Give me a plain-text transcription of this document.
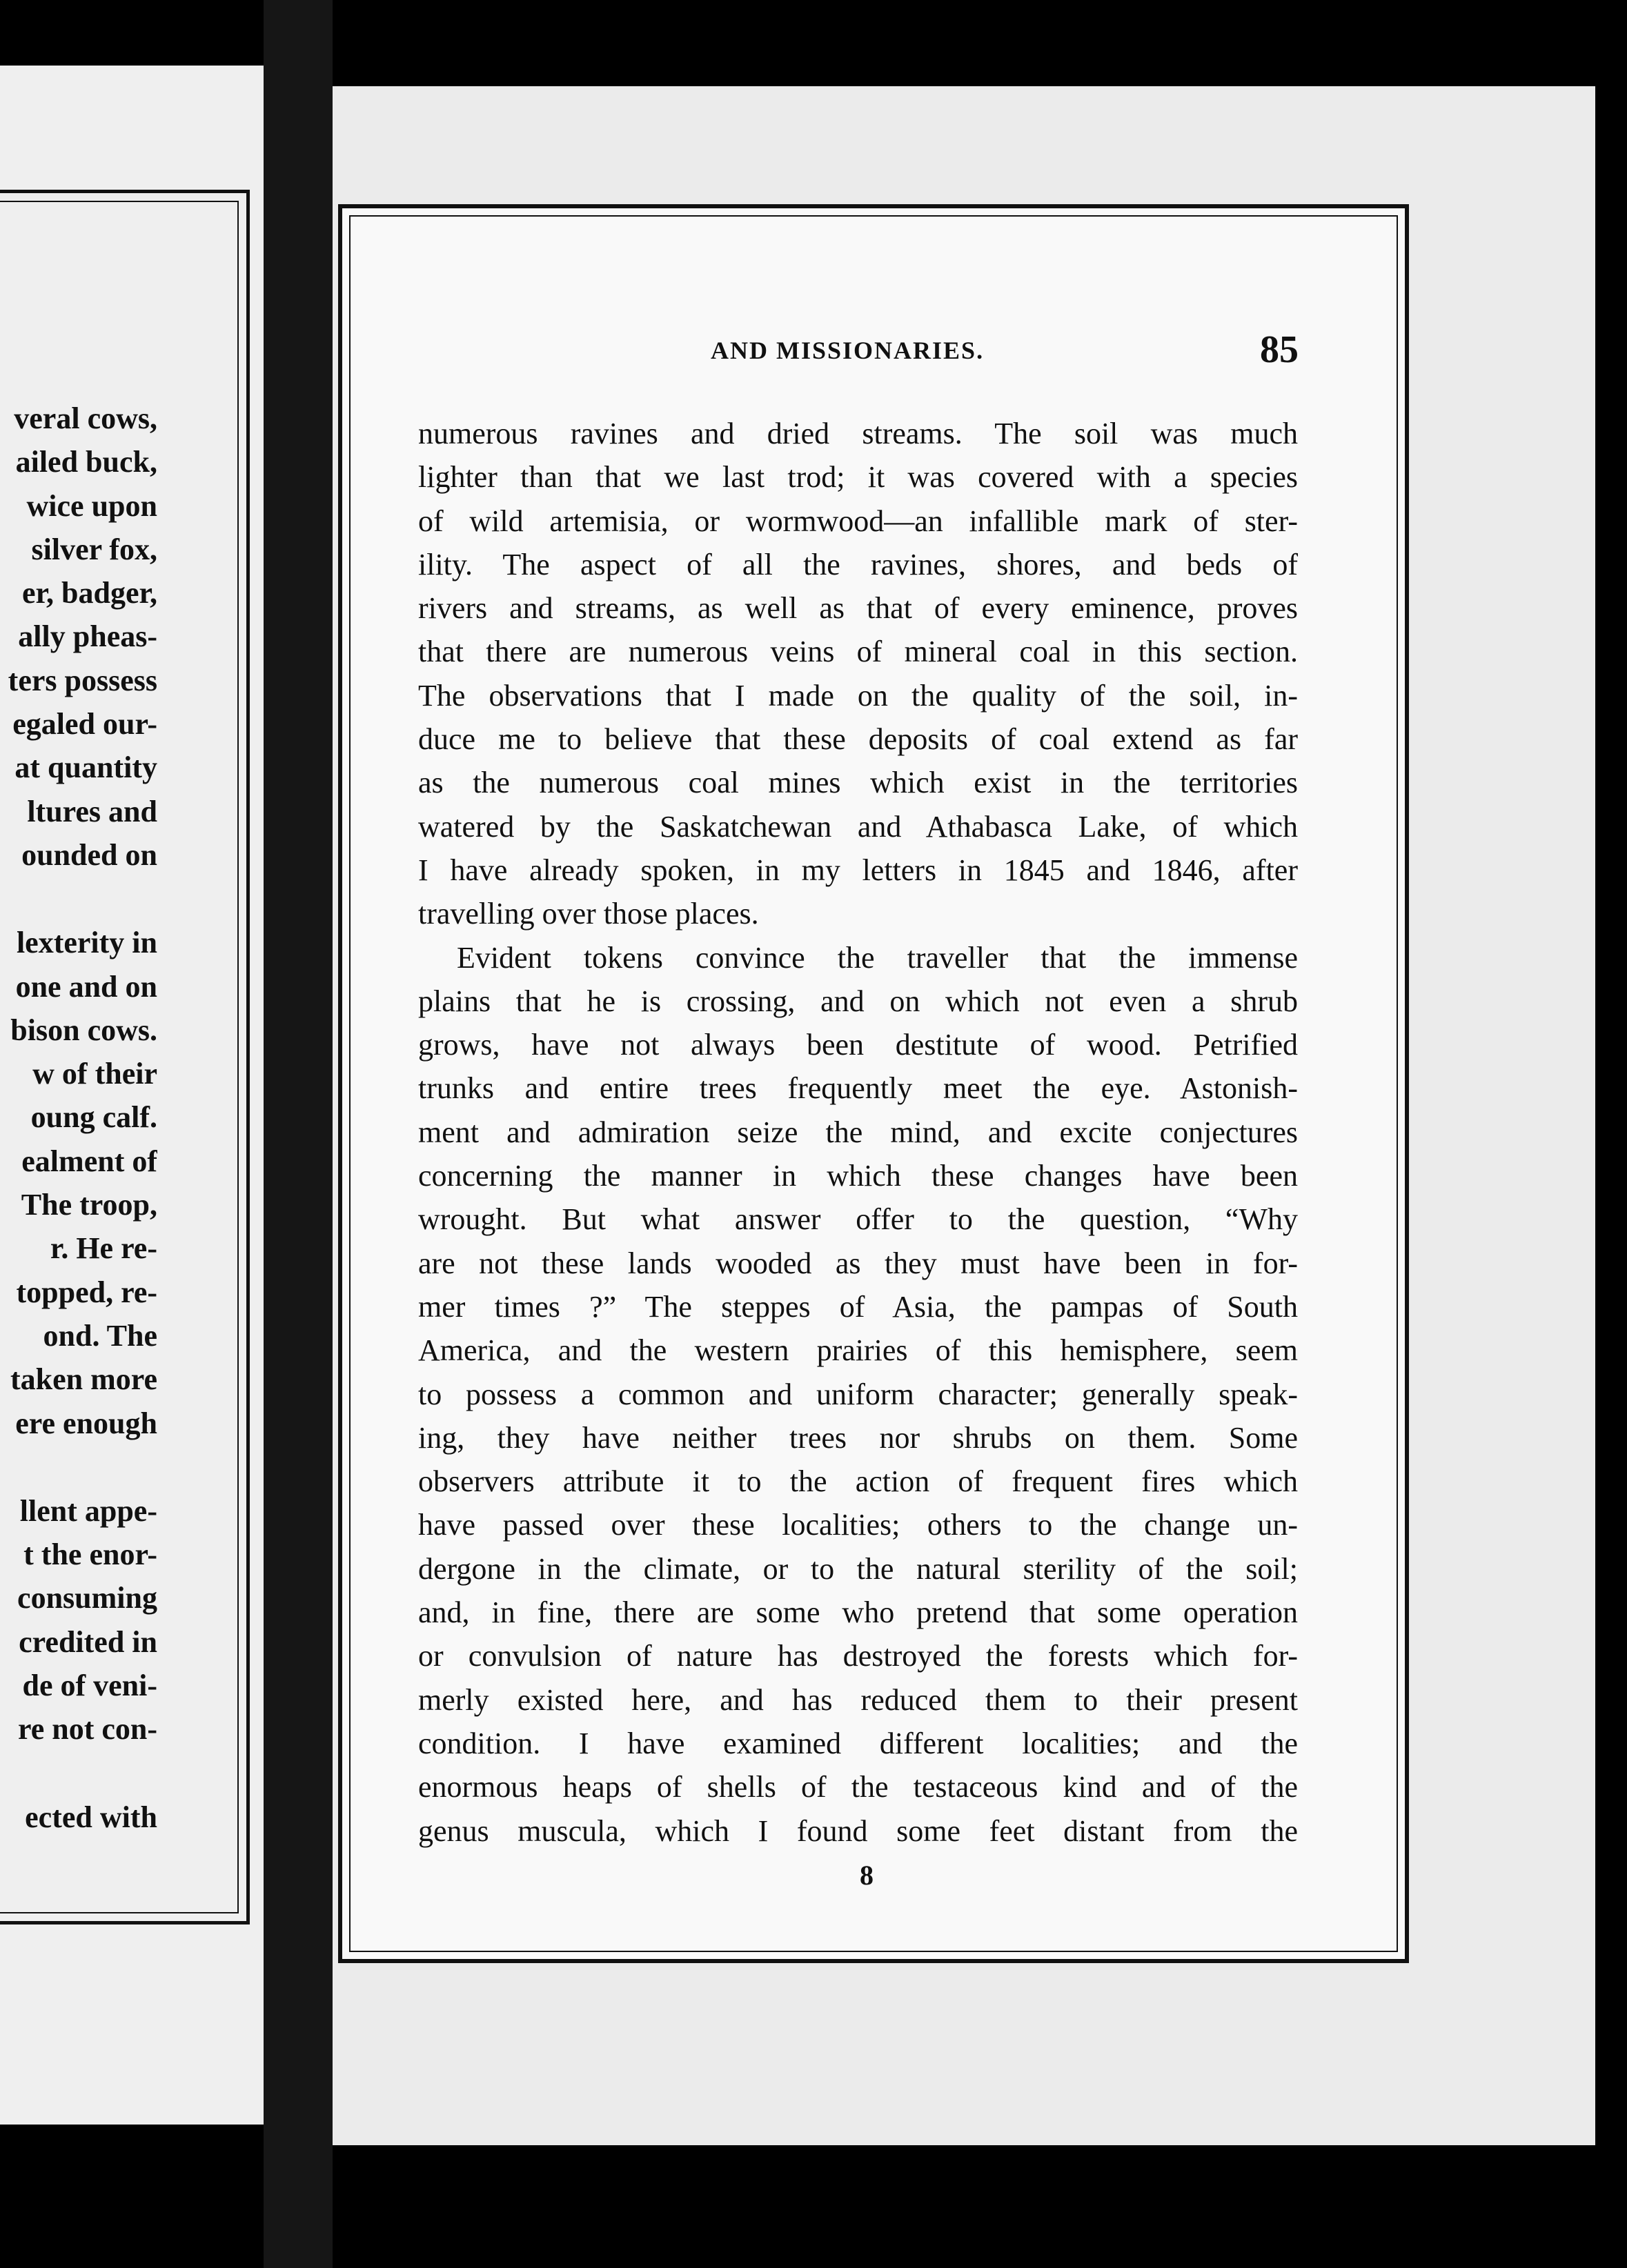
veral cows,
ailed buck,
wice upon
silver fox,
er, badger,
ally pheas-
ters possess
egaled our-
at quantity
ltures and
ounded on
lexterity in
one and on
bison cows.
w of their
oung calf.
ealment of
The troop,
r. He re-
topped, re-
ond. The
taken more
ere enough
llent appe-
t the enor-
consuming
credited in
de of veni-
re not con-
ected with
AND MISSIONARIES.	85
numerous ravines and dried streams. The soil was much
lighter than that we last trod; it was covered with a species
of wild artemisia, or wormwood—an infallible mark of ster-
ility. The aspect of all the ravines, shores, and beds of
rivers and streams, as well as that of every eminence, proves
that there are numerous veins of mineral coal in this section.
The observations that I made on the quality of the soil, in-
duce me to believe that these deposits of coal extend as far
as the numerous coal mines which exist in the territories
watered by the Saskatchewan and Athabasca Lake, of which
I have already spoken, in my letters in 1845 and 1846, after
travelling over those places.
Evident tokens convince the traveller that the immense
plains that he is crossing, and on which not even a shrub
grows, have not always been destitute of wood. Petrified
trunks and entire trees frequently meet the eye. Astonish-
ment and admiration seize the mind, and excite conjectures
concerning the manner in which these changes have been
wrought. But what answer offer to the question, “Why
are not these lands wooded as they must have been in for-
mer times ?” The steppes of Asia, the pampas of South
America, and the western prairies of this hemisphere, seem
to possess a common and uniform character; generally speak-
ing, they have neither trees nor shrubs on them. Some
observers attribute it to the action of frequent fires which
have passed over these localities; others to the change un-
dergone in the climate, or to the natural sterility of the soil;
and, in fine, there are some who pretend that some operation
or convulsion of nature has destroyed the forests which for-
merly existed here, and has reduced them to their present
condition. I have examined different localities; and the
enormous heaps of shells of the testaceous kind and of the
genus muscula, which I found some feet distant from the
8
